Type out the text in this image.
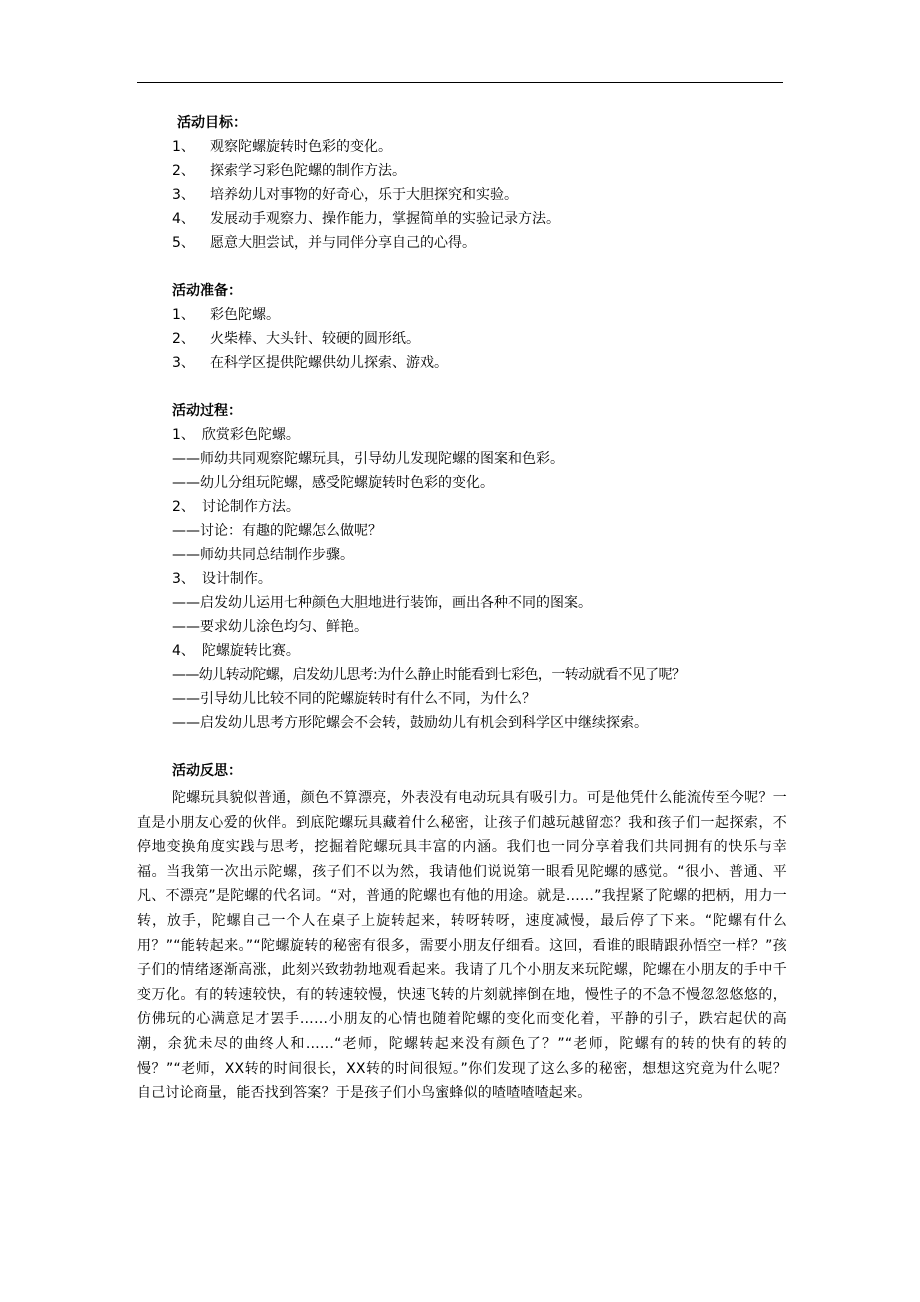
活动目标：
1、 观察陀螺旋转时色彩的变化。
2、 探索学习彩色陀螺的制作方法。
3、 培养幼儿对事物的好奇心，乐于大胆探究和实验。
4、 发展动手观察力、操作能力，掌握简单的实验记录方法。
5、 愿意大胆尝试，并与同伴分享自己的心得。
活动准备：
1、 彩色陀螺。
2、 火柴棒、大头针、较硬的圆形纸。
3、 在科学区提供陀螺供幼儿探索、游戏。
活动过程：
1、　欣赏彩色陀螺。
——师幼共同观察陀螺玩具，引导幼儿发现陀螺的图案和色彩。
——幼儿分组玩陀螺，感受陀螺旋转时色彩的变化。
2、　讨论制作方法。
——讨论：有趣的陀螺怎么做呢？
——师幼共同总结制作步骤。
3、　设计制作。
——启发幼儿运用七种颜色大胆地进行装饰，画出各种不同的图案。
——要求幼儿涂色均匀、鲜艳。
4、　陀螺旋转比赛。
——幼儿转动陀螺，启发幼儿思考:为什么静止时能看到七彩色，一转动就看不见了呢？
——引导幼儿比较不同的陀螺旋转时有什么不同，为什么？
——启发幼儿思考方形陀螺会不会转，鼓励幼儿有机会到科学区中继续探索。
活动反思：
陀螺玩具貌似普通，颜色不算漂亮，外表没有电动玩具有吸引力。可是他凭什么能流传至今呢？一直是小朋友心爱的伙伴。到底陀螺玩具藏着什么秘密，让孩子们越玩越留恋？我和孩子们一起探索，不停地变换角度实践与思考，挖掘着陀螺玩具丰富的内涵。我们也一同分享着我们共同拥有的快乐与幸福。当我第一次出示陀螺，孩子们不以为然，我请他们说说第一眼看见陀螺的感觉。“很小、普通、平凡、不漂亮”是陀螺的代名词。“对，普通的陀螺也有他的用途。就是……”我捏紧了陀螺的把柄，用力一转，放手，陀螺自己一个人在桌子上旋转起来，转呀转呀，速度减慢，最后停了下来。“陀螺有什么用？”“能转起来。”“陀螺旋转的秘密有很多，需要小朋友仔细看。这回，看谁的眼睛跟孙悟空一样？”孩子们的情绪逐渐高涨，此刻兴致勃勃地观看起来。我请了几个小朋友来玩陀螺，陀螺在小朋友的手中千变万化。有的转速较快，有的转速较慢，快速飞转的片刻就摔倒在地，慢性子的不急不慢忽忽悠悠的，仿佛玩的心满意足才罢手……小朋友的心情也随着陀螺的变化而变化着，平静的引子，跌宕起伏的高潮，余犹未尽的曲终人和……“老师，陀螺转起来没有颜色了？”“老师，陀螺有的转的快有的转的慢？”“老师，XX转的时间很长，XX转的时间很短。”你们发现了这么多的秘密，想想这究竟为什么呢？自己讨论商量，能否找到答案？于是孩子们小鸟蜜蜂似的喳喳喳喳起来。
